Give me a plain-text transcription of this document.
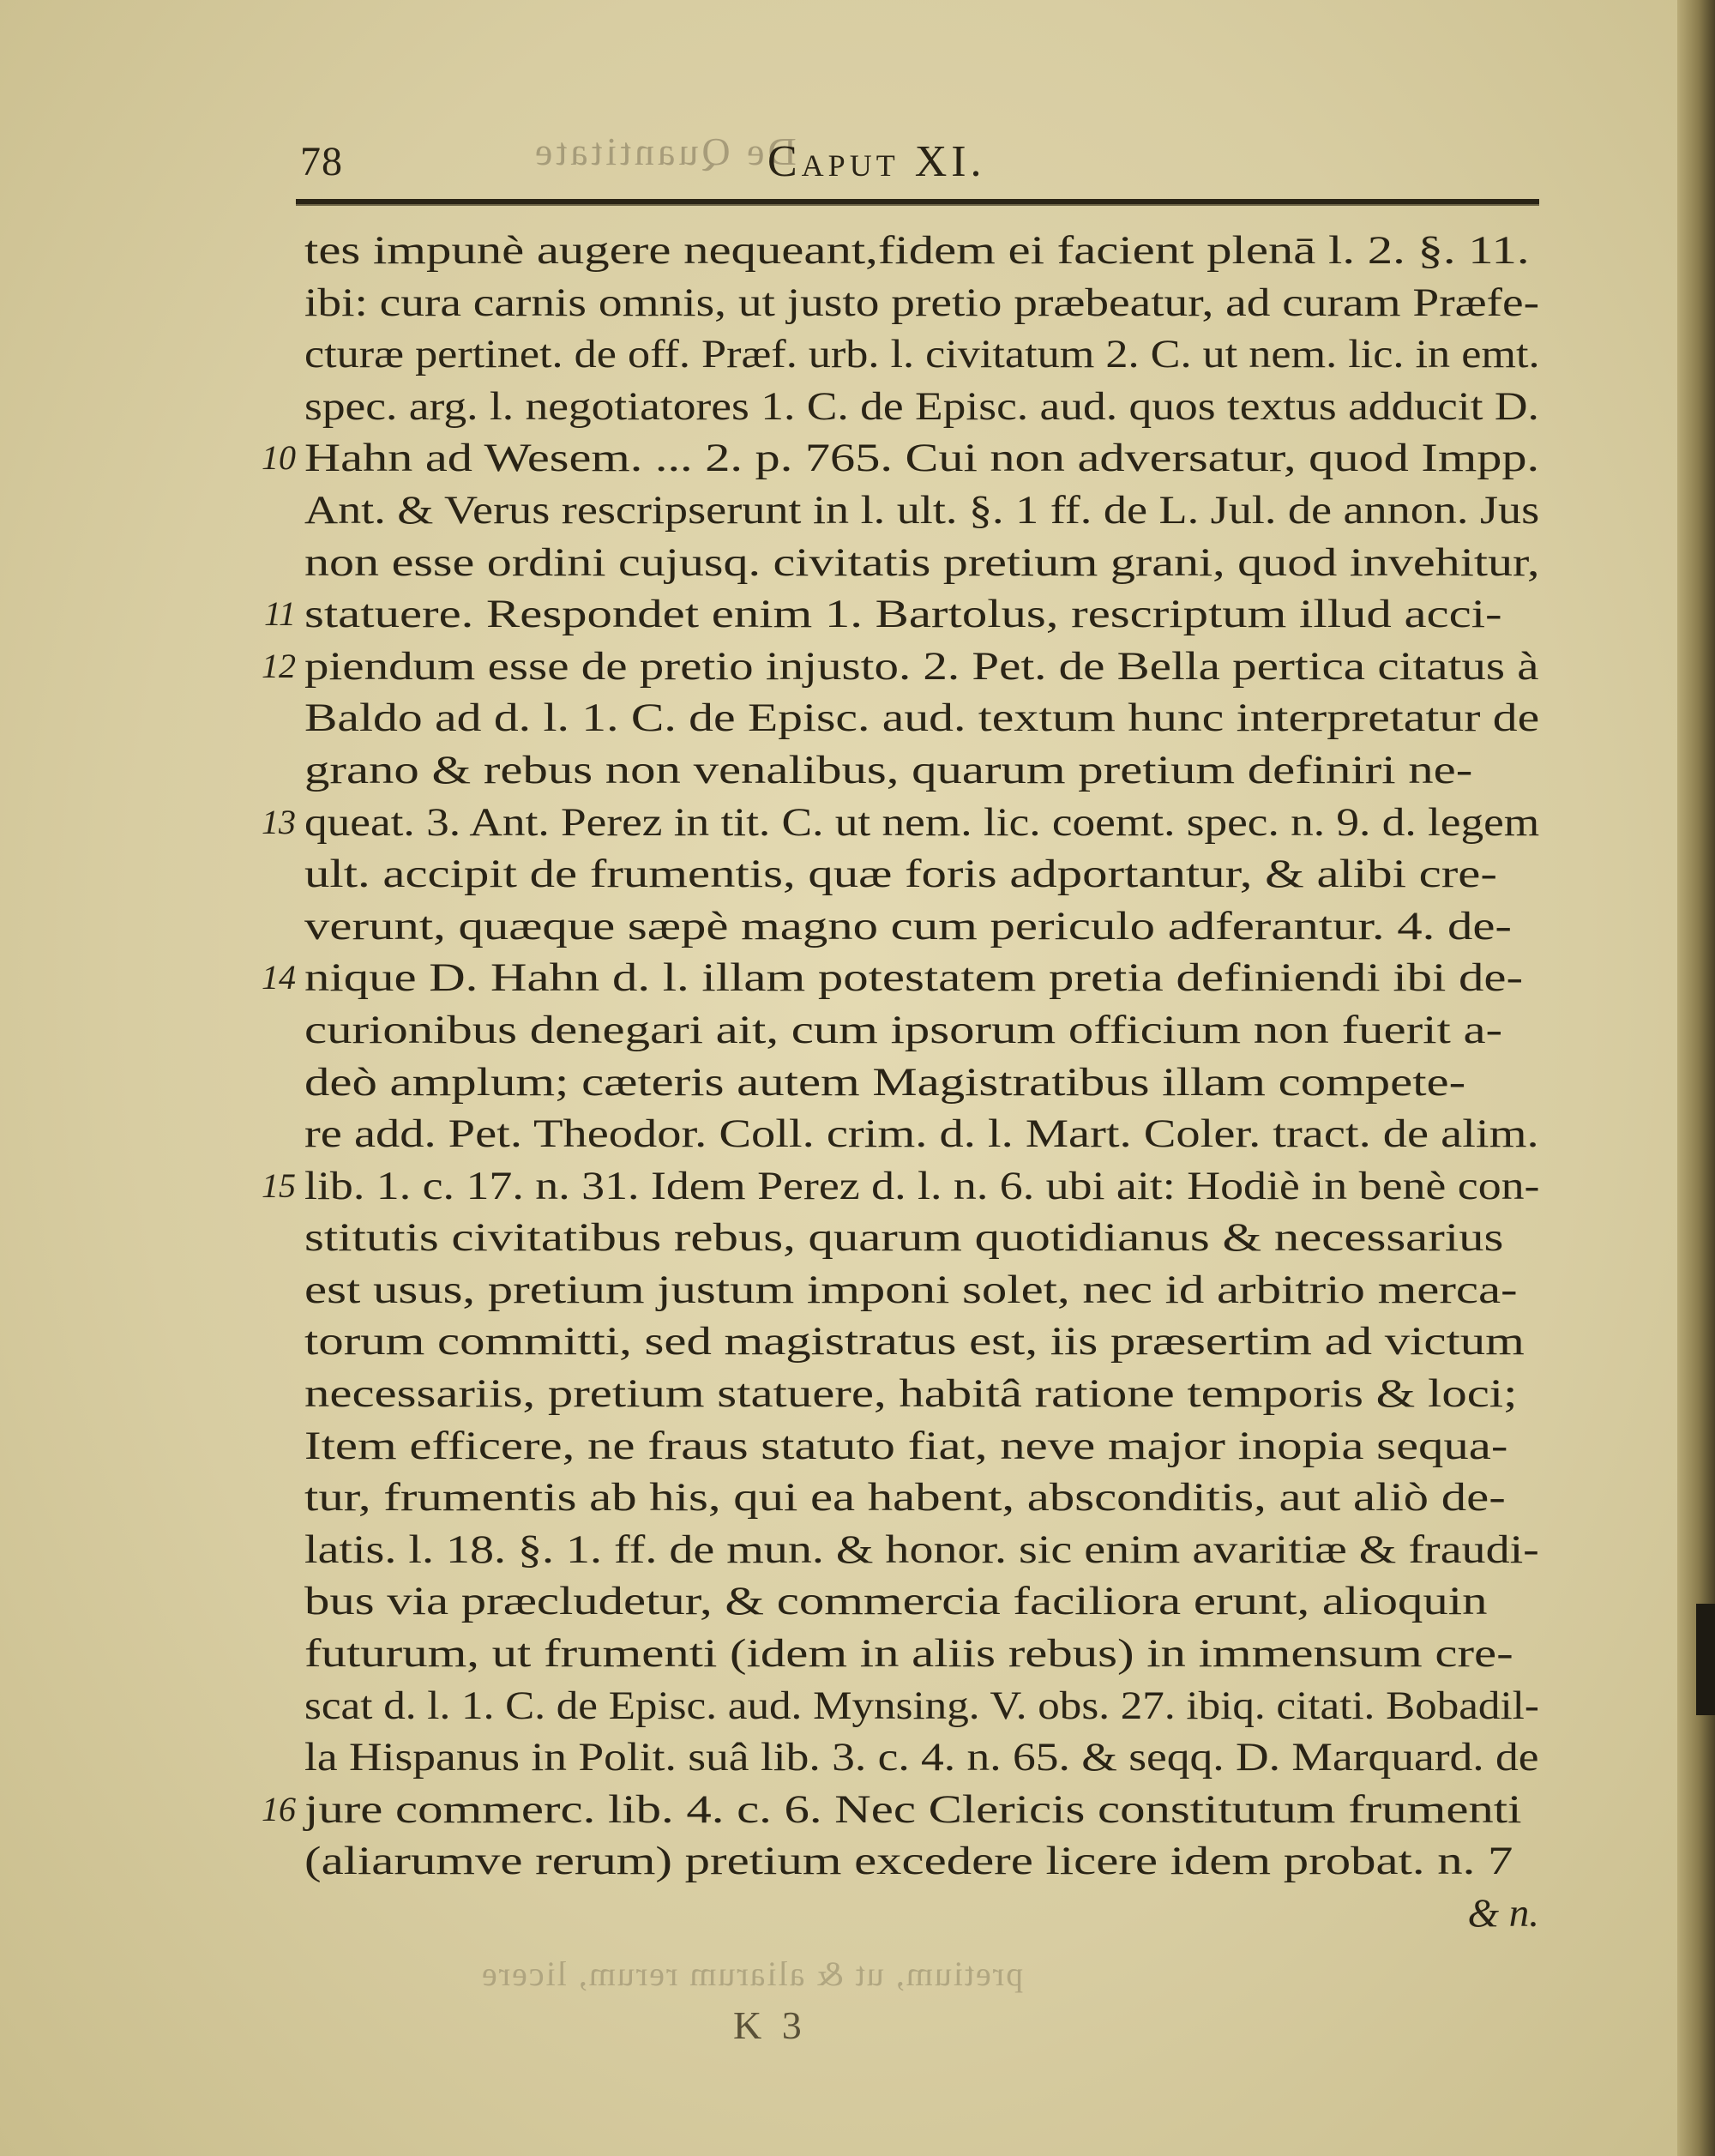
De Quantitate
pretium, ut & aliarum rerum, licere
78	Caput XI.
tes impunè augere nequeant,fidem ei facient plenā l. 2. §. 11.
ibi: cura carnis omnis, ut justo pretio præbeatur, ad curam Præfe-
cturæ pertinet. de off. Præf. urb. l. civitatum 2. C. ut nem. lic. in emt.
spec. arg. l. negotiatores 1. C. de Episc. aud. quos textus adducit D.
10 Hahn ad Wesem. ... 2. p. 765. Cui non adversatur, quod Impp.
Ant. & Verus rescripserunt in l. ult. §. 1 ff. de L. Jul. de annon. Jus
non esse ordini cujusq. civitatis pretium grani, quod invehitur,
11 statuere. Respondet enim 1. Bartolus, rescriptum illud acci-
12 piendum esse de pretio injusto. 2. Pet. de Bella pertica citatus à
Baldo ad d. l. 1. C. de Episc. aud. textum hunc interpretatur de
grano & rebus non venalibus, quarum pretium definiri ne-
13 queat. 3. Ant. Perez in tit. C. ut nem. lic. coemt. spec. n. 9. d. legem
ult. accipit de frumentis, quæ foris adportantur, & alibi cre-
verunt, quæque sæpè magno cum periculo adferantur. 4. de-
14 nique D. Hahn d. l. illam potestatem pretia definiendi ibi de-
curionibus denegari ait, cum ipsorum officium non fuerit a-
deò amplum; cæteris autem Magistratibus illam compete-
re add. Pet. Theodor. Coll. crim. d. l. Mart. Coler. tract. de alim.
15 lib. 1. c. 17. n. 31. Idem Perez d. l. n. 6. ubi ait: Hodiè in benè con-
stitutis civitatibus rebus, quarum quotidianus & necessarius
est usus, pretium justum imponi solet, nec id arbitrio merca-
torum committi, sed magistratus est, iis præsertim ad victum
necessariis, pretium statuere, habitâ ratione temporis & loci;
Item efficere, ne fraus statuto fiat, neve major inopia sequa-
tur, frumentis ab his, qui ea habent, absconditis, aut aliò de-
latis. l. 18. §. 1. ff. de mun. & honor. sic enim avaritiæ & fraudi-
bus via præcludetur, & commercia faciliora erunt, alioquin
futurum, ut frumenti (idem in aliis rebus) in immensum cre-
scat d. l. 1. C. de Episc. aud. Mynsing. V. obs. 27. ibiq. citati. Bobadil-
la Hispanus in Polit. suâ lib. 3. c. 4. n. 65. & seqq. D. Marquard. de
16 jure commerc. lib. 4. c. 6. Nec Clericis constitutum frumenti
(aliarumve rerum) pretium excedere licere idem probat. n. 7
& n.
K 3
